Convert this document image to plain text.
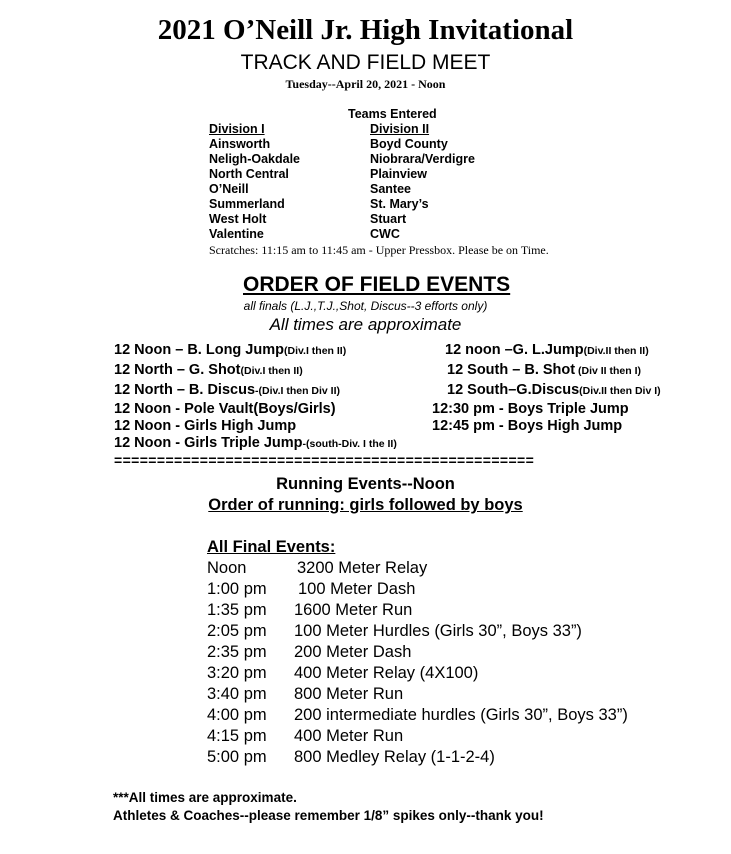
2021 O’Neill Jr. High Invitational
TRACK AND FIELD MEET
Tuesday--April 20, 2021 - Noon
Teams Entered
Division I
Ainsworth
Neligh-Oakdale
North Central
O’Neill
Summerland
West Holt
Valentine
Division II
Boyd County
Niobrara/Verdigre
Plainview
Santee
St. Mary’s
Stuart
CWC
Scratches: 11:15 am to 11:45 am - Upper Pressbox. Please be on Time.
ORDER OF FIELD EVENTS
all finals (L.J.,T.J.,Shot, Discus--3 efforts only)
All times are approximate
12 Noon – B. Long Jump(Div.I then II)
12 North – G. Shot(Div.I then II)
12 North – B. Discus-(Div.I then Div II)
12 Noon - Pole Vault(Boys/Girls)
12 Noon - Girls High Jump
12 Noon - Girls Triple Jump-(south-Div. I the II)
12 noon –G. L.Jump(Div.II then II)
12 South – B. Shot (Div II then I)
12 South–G.Discus(Div.II then Div I)
12:30 pm - Boys Triple Jump
12:45 pm - Boys High Jump
=================================================
Running Events--Noon
Order of running: girls followed by boys
All Final Events:
Noon	3200 Meter Relay
1:00 pm 100 Meter Dash
1:35 pm 1600 Meter Run
2:05 pm 100 Meter Hurdles (Girls 30”, Boys 33”)
2:35 pm 200 Meter Dash
3:20 pm 400 Meter Relay (4X100)
3:40 pm 800 Meter Run
4:00 pm 200 intermediate hurdles (Girls 30”, Boys 33”)
4:15 pm 400 Meter Run
5:00 pm 800 Medley Relay (1-1-2-4)
***All times are approximate.
Athletes & Coaches--please remember 1/8” spikes only--thank you!
